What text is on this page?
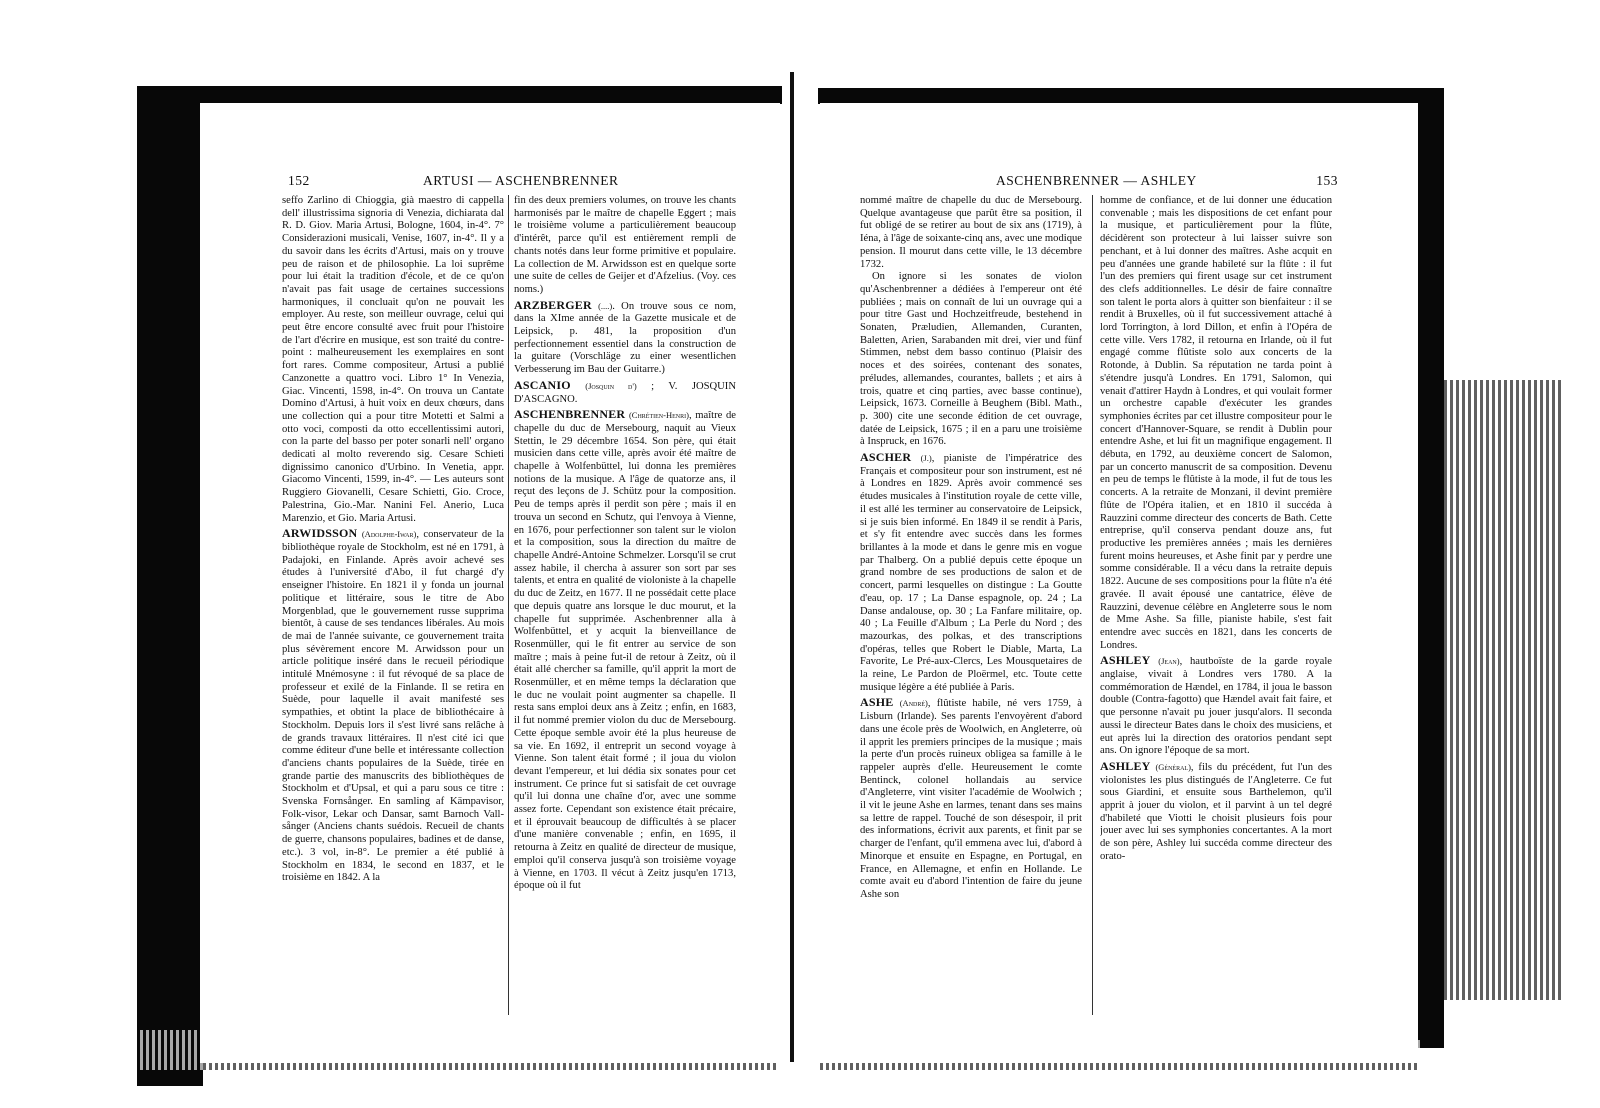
152	ARTUSI — ASCHENBRENNER

seffo Zarlino di Chioggia, già maestro di cappella dell' illustrissima signoria di Venezia, dichiarata dal R. D. Giov. Maria Artusi, Bologne, 1604, in-4°. 7° Considerazioni musicali, Venise, 1607, in-4°. Il y a du savoir dans les écrits d'Artusi, mais on y trouve peu de raison et de philosophie. La loi suprême pour lui était la tradition d'école, et de ce qu'on n'avait pas fait usage de certaines successions harmoniques, il concluait qu'on ne pouvait les employer. Au reste, son meilleur ouvrage, celui qui peut être encore consulté avec fruit pour l'histoire de l'art d'écrire en musique, est son traité du contre-point : malheureusement les exemplaires en sont fort rares. Comme compositeur, Artusi a publié Canzonette a quattro voci. Libro 1° In Venezia, Giac. Vincenti, 1598, in-4°. On trouva un Cantate Domino d'Artusi, à huit voix en deux chœurs, dans une collection qui a pour titre Motetti et Salmi a otto voci, composti da otto eccellentissimi autori, con la parte del basso per poter sonarli nell' organo dedicati al molto reverendo sig. Cesare Schieti dignissimo canonico d'Urbino. In Venetia, appr. Giacomo Vincenti, 1599, in-4°. — Les auteurs sont Ruggiero Giovanelli, Cesare Schietti, Gio. Croce, Palestrina, Gio.-Mar. Nanini Fel. Anerio, Luca Marenzio, et Gio. Maria Artusi.

ARWIDSSON (Adolphe-Iwar), conservateur de la bibliothèque royale de Stockholm, est né en 1791, à Padajoki, en Finlande. Après avoir achevé ses études à l'université d'Abo, il fut chargé d'y enseigner l'histoire. En 1821 il y fonda un journal politique et littéraire, sous le titre de Abo Morgenblad, que le gouvernement russe supprima bientôt, à cause de ses tendances libérales. Au mois de mai de l'année suivante, ce gouvernement traita plus sévèrement encore M. Arwidsson pour un article politique inséré dans le recueil périodique intitulé Mnémosyne : il fut révoqué de sa place de professeur et exilé de la Finlande. Il se retira en Suède, pour laquelle il avait manifesté ses sympathies, et obtint la place de bibliothécaire à Stockholm. Depuis lors il s'est livré sans relâche à de grands travaux littéraires. Il n'est cité ici que comme éditeur d'une belle et intéressante collection d'anciens chants populaires de la Suède, tirée en grande partie des manuscrits des bibliothèques de Stockholm et d'Upsal, et qui a paru sous ce titre : Svenska Fornsånger. En samling af Kämpavisor, Folk-visor, Lekar och Dansar, samt Barnoch Vall-sånger (Anciens chants suédois. Recueil de chants de guerre, chansons populaires, badines et de danse, etc.). 3 vol, in-8°. Le premier a été publié à Stockholm en 1834, le second en 1837, et le troisième en 1842. A la

fin des deux premiers volumes, on trouve les chants harmonisés par le maître de chapelle Eggert ; mais le troisième volume a particulièrement beaucoup d'intérêt, parce qu'il est entièrement rempli de chants notés dans leur forme primitive et populaire. La collection de M. Arwidsson est en quelque sorte une suite de celles de Geijer et d'Afzelius. (Voy. ces noms.)

ARZBERGER (....). On trouve sous ce nom, dans la XIme année de la Gazette musicale et de Leipsick, p. 481, la proposition d'un perfectionnement essentiel dans la construction de la guitare (Vorschläge zu einer wesentlichen Verbesserung im Bau der Guitarre.)

ASCANIO (Josquin d') ; V. JOSQUIN D'ASCAGNO.

ASCHENBRENNER (Chrétien-Henri), maître de chapelle du duc de Mersebourg, naquit au Vieux Stettin, le 29 décembre 1654. Son père, qui était musicien dans cette ville, après avoir été maître de chapelle à Wolfenbüttel, lui donna les premières notions de la musique. A l'âge de quatorze ans, il reçut des leçons de J. Schütz pour la composition. Peu de temps après il perdit son père ; mais il en trouva un second en Schutz, qui l'envoya à Vienne, en 1676, pour perfectionner son talent sur le violon et la composition, sous la direction du maître de chapelle André-Antoine Schmelzer. Lorsqu'il se crut assez habile, il chercha à assurer son sort par ses talents, et entra en qualité de violoniste à la chapelle du duc de Zeitz, en 1677. Il ne possédait cette place que depuis quatre ans lorsque le duc mourut, et la chapelle fut supprimée. Aschenbrenner alla à Wolfenbüttel, et y acquit la bienveillance de Rosenmüller, qui le fit entrer au service de son maître ; mais à peine fut-il de retour à Zeitz, où il était allé chercher sa famille, qu'il apprit la mort de Rosenmüller, et en même temps la déclaration que le duc ne voulait point augmenter sa chapelle. Il resta sans emploi deux ans à Zeitz ; enfin, en 1683, il fut nommé premier violon du duc de Mersebourg. Cette époque semble avoir été la plus heureuse de sa vie. En 1692, il entreprit un second voyage à Vienne. Son talent était formé ; il joua du violon devant l'empereur, et lui dédia six sonates pour cet instrument. Ce prince fut si satisfait de cet ouvrage qu'il lui donna une chaîne d'or, avec une somme assez forte. Cependant son existence était précaire, et il éprouvait beaucoup de difficultés à se placer d'une manière convenable ; enfin, en 1695, il retourna à Zeitz en qualité de directeur de musique, emploi qu'il conserva jusqu'à son troisième voyage à Vienne, en 1703. Il vécut à Zeitz jusqu'en 1713, époque où il fut

ASCHENBRENNER — ASHLEY	153

nommé maître de chapelle du duc de Mersebourg. Quelque avantageuse que parût être sa position, il fut obligé de se retirer au bout de six ans (1719), à Iéna, à l'âge de soixante-cinq ans, avec une modique pension. Il mourut dans cette ville, le 13 décembre 1732.

On ignore si les sonates de violon qu'Aschenbrenner a dédiées à l'empereur ont été publiées ; mais on connaît de lui un ouvrage qui a pour titre Gast und Hochzeitfreude, bestehend in Sonaten, Præludien, Allemanden, Curanten, Baletten, Arien, Sarabanden mit drei, vier und fünf Stimmen, nebst dem basso continuo (Plaisir des noces et des soirées, contenant des sonates, préludes, allemandes, courantes, ballets ; et airs à trois, quatre et cinq parties, avec basse continue), Leipsick, 1673. Corneille à Beughem (Bibl. Math., p. 300) cite une seconde édition de cet ouvrage, datée de Leipsick, 1675 ; il en a paru une troisième à Inspruck, en 1676.

ASCHER (J.), pianiste de l'impératrice des Français et compositeur pour son instrument, est né à Londres en 1829. Après avoir commencé ses études musicales à l'institution royale de cette ville, il est allé les terminer au conservatoire de Leipsick, si je suis bien informé. En 1849 il se rendit à Paris, et s'y fit entendre avec succès dans les formes brillantes à la mode et dans le genre mis en vogue par Thalberg. On a publié depuis cette époque un grand nombre de ses productions de salon et de concert, parmi lesquelles on distingue : La Goutte d'eau, op. 17 ; La Danse espagnole, op. 24 ; La Danse andalouse, op. 30 ; La Fanfare militaire, op. 40 ; La Feuille d'Album ; La Perle du Nord ; des mazourkas, des polkas, et des transcriptions d'opéras, telles que Robert le Diable, Marta, La Favorite, Le Pré-aux-Clercs, Les Mousquetaires de la reine, Le Pardon de Ploërmel, etc. Toute cette musique légère a été publiée à Paris.

ASHE (André), flûtiste habile, né vers 1759, à Lisburn (Irlande). Ses parents l'envoyèrent d'abord dans une école près de Woolwich, en Angleterre, où il apprit les premiers principes de la musique ; mais la perte d'un procès ruineux obligea sa famille à le rappeler auprès d'elle. Heureusement le comte Bentinck, colonel hollandais au service d'Angleterre, vint visiter l'académie de Woolwich ; il vit le jeune Ashe en larmes, tenant dans ses mains sa lettre de rappel. Touché de son désespoir, il prit des informations, écrivit aux parents, et finit par se charger de l'enfant, qu'il emmena avec lui, d'abord à Minorque et ensuite en Espagne, en Portugal, en France, en Allemagne, et enfin en Hollande. Le comte avait eu d'abord l'intention de faire du jeune Ashe son

homme de confiance, et de lui donner une éducation convenable ; mais les dispositions de cet enfant pour la musique, et particulièrement pour la flûte, décidèrent son protecteur à lui laisser suivre son penchant, et à lui donner des maîtres. Ashe acquit en peu d'années une grande habileté sur la flûte : il fut l'un des premiers qui firent usage sur cet instrument des clefs additionnelles. Le désir de faire connaître son talent le porta alors à quitter son bienfaiteur : il se rendit à Bruxelles, où il fut successivement attaché à lord Torrington, à lord Dillon, et enfin à l'Opéra de cette ville. Vers 1782, il retourna en Irlande, où il fut engagé comme flûtiste solo aux concerts de la Rotonde, à Dublin. Sa réputation ne tarda point à s'étendre jusqu'à Londres. En 1791, Salomon, qui venait d'attirer Haydn à Londres, et qui voulait former un orchestre capable d'exécuter les grandes symphonies écrites par cet illustre compositeur pour le concert d'Hannover-Square, se rendit à Dublin pour entendre Ashe, et lui fit un magnifique engagement. Il débuta, en 1792, au deuxième concert de Salomon, par un concerto manuscrit de sa composition. Devenu en peu de temps le flûtiste à la mode, il fut de tous les concerts. A la retraite de Monzani, il devint première flûte de l'Opéra italien, et en 1810 il succéda à Rauzzini comme directeur des concerts de Bath. Cette entreprise, qu'il conserva pendant douze ans, fut productive les premières années ; mais les dernières furent moins heureuses, et Ashe finit par y perdre une somme considérable. Il a vécu dans la retraite depuis 1822. Aucune de ses compositions pour la flûte n'a été gravée. Il avait épousé une cantatrice, élève de Rauzzini, devenue célèbre en Angleterre sous le nom de Mme Ashe. Sa fille, pianiste habile, s'est fait entendre avec succès en 1821, dans les concerts de Londres.

ASHLEY (Jean), hautboïste de la garde royale anglaise, vivait à Londres vers 1780. A la commémoration de Hændel, en 1784, il joua le basson double (Contra-fagotto) que Hændel avait fait faire, et que personne n'avait pu jouer jusqu'alors. Il seconda aussi le directeur Bates dans le choix des musiciens, et eut après lui la direction des oratorios pendant sept ans. On ignore l'époque de sa mort.

ASHLEY (Général), fils du précédent, fut l'un des violonistes les plus distingués de l'Angleterre. Ce fut sous Giardini, et ensuite sous Barthelemon, qu'il apprit à jouer du violon, et il parvint à un tel degré d'habileté que Viotti le choisit plusieurs fois pour jouer avec lui ses symphonies concertantes. A la mort de son père, Ashley lui succéda comme directeur des orato-
